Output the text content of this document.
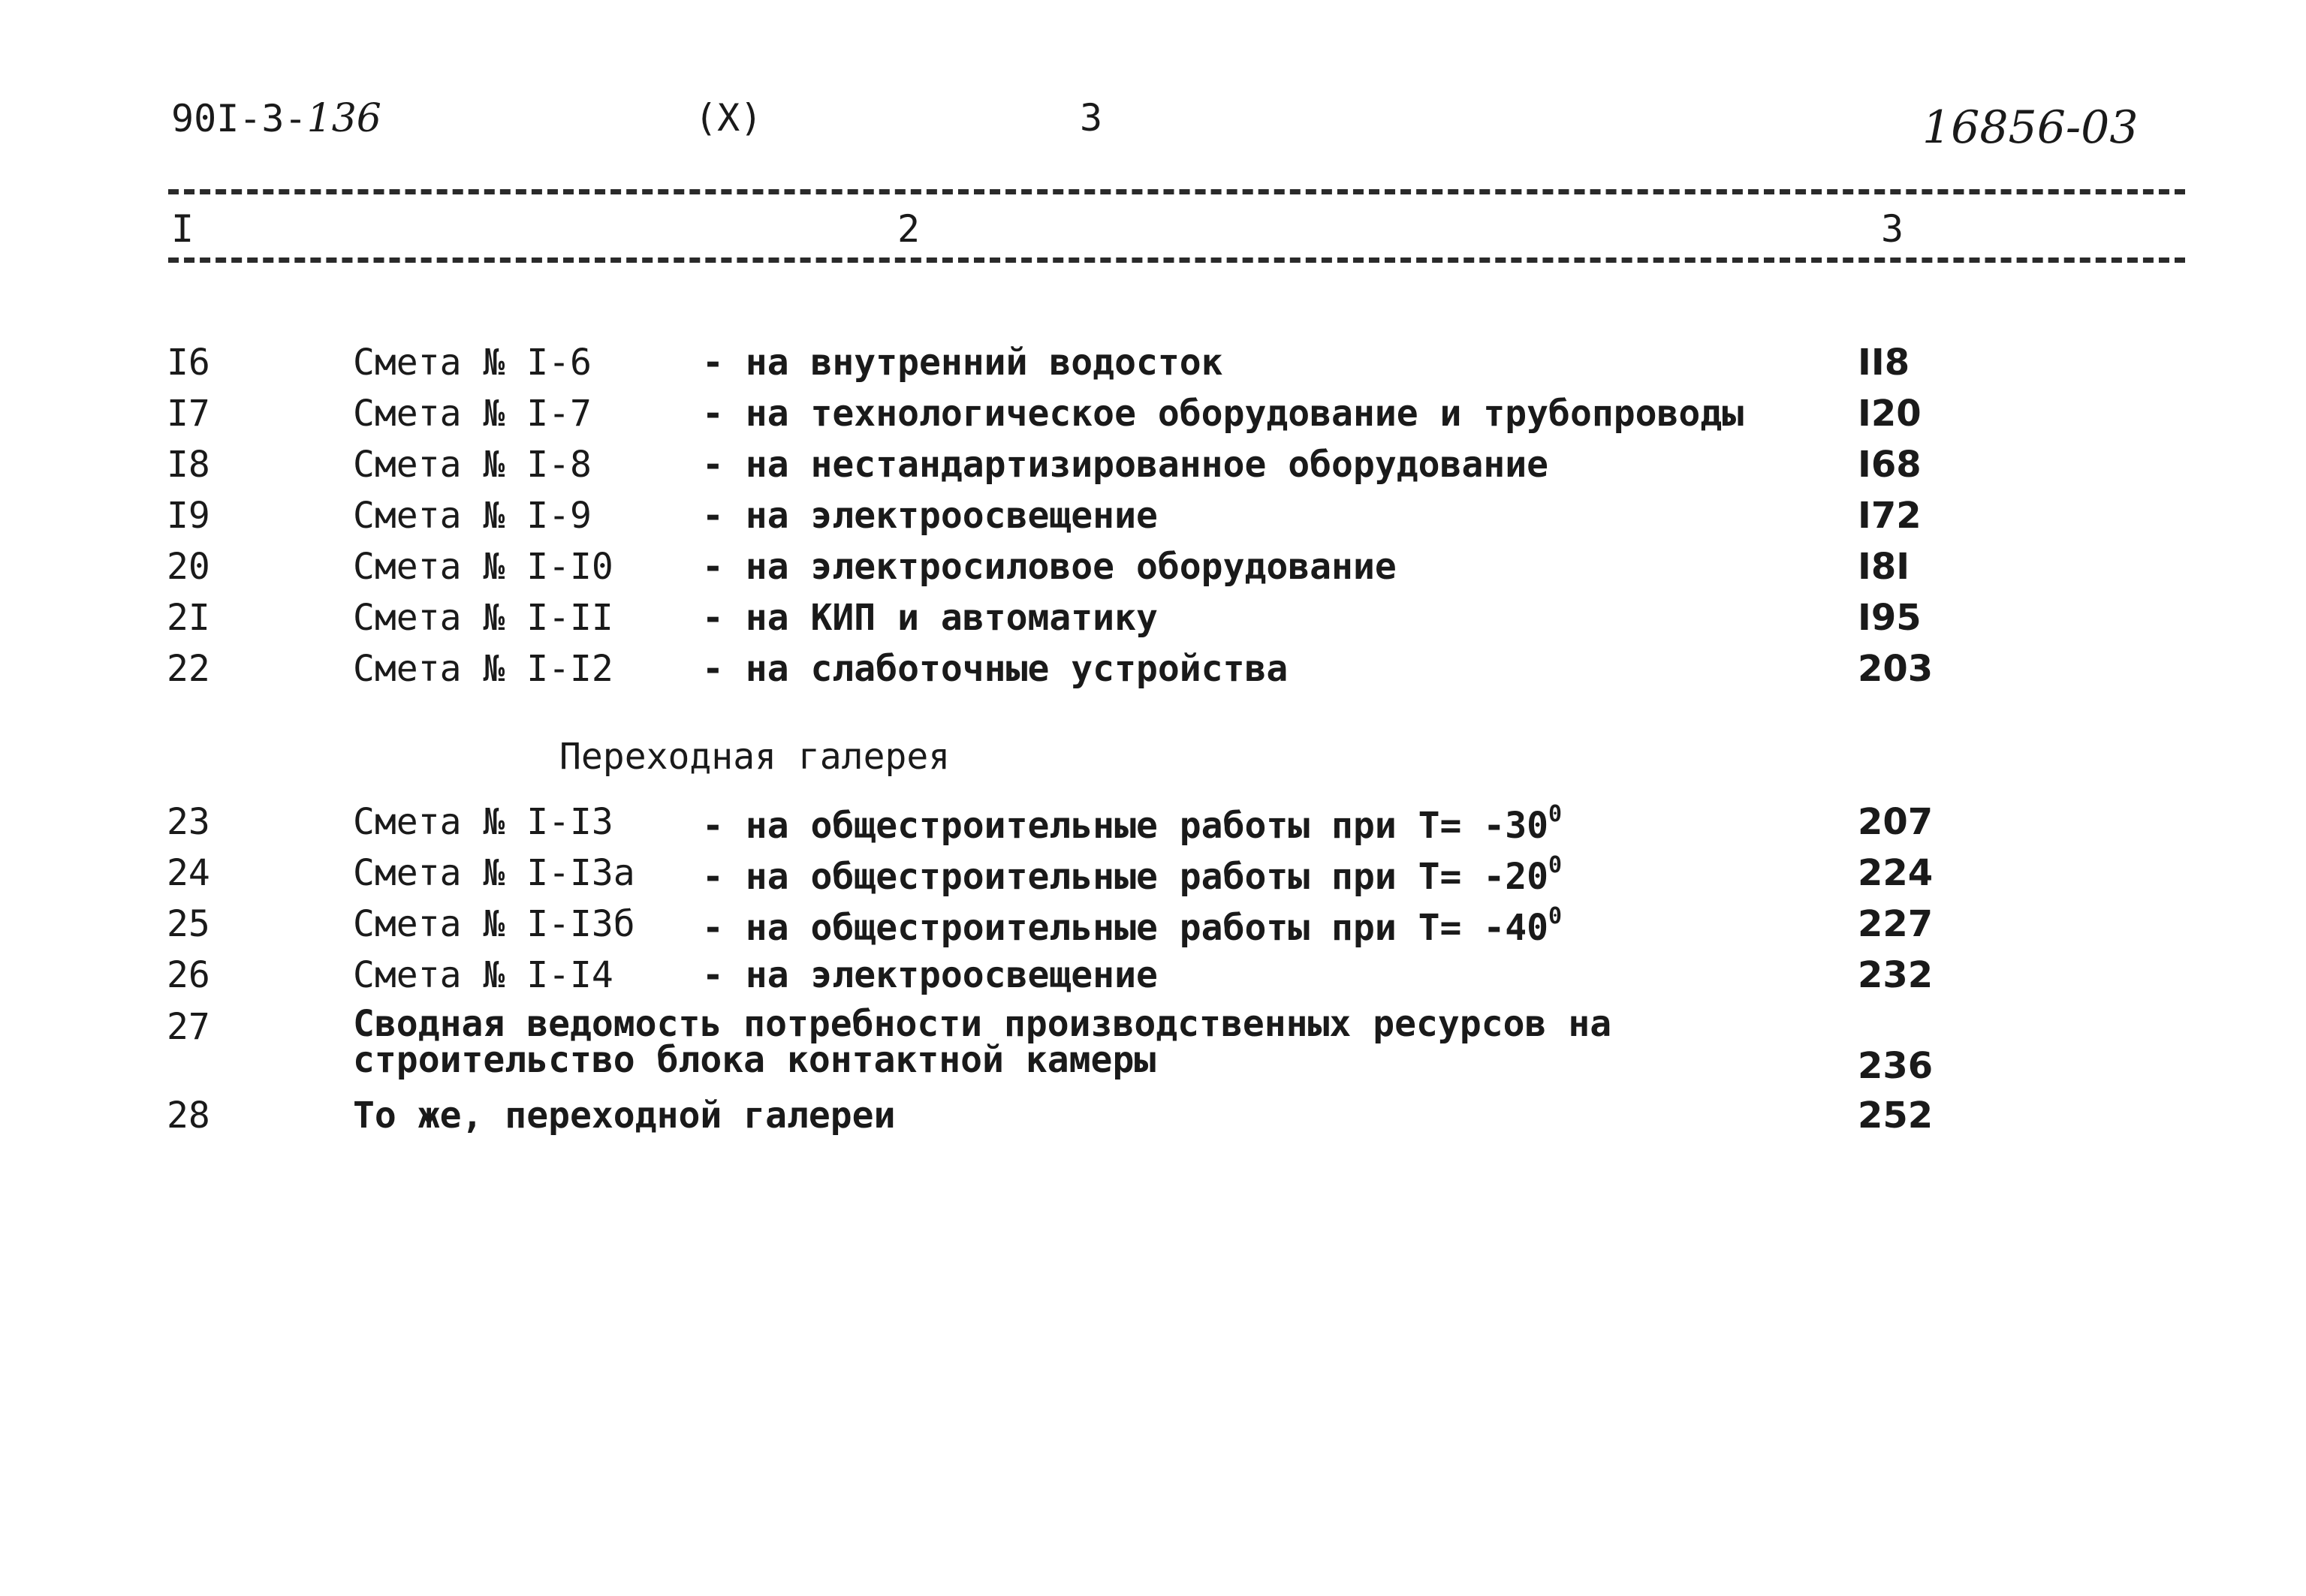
90I-3-136	(X)	3	16856-03
I	2	3
I6	Смета № I-6	- на внутренний водосток	II8
I7	Смета № I-7	- на технологическое оборудование и трубопроводы	I20
I8	Смета № I-8	- на нестандартизированное оборудование	I68
I9	Смета № I-9	- на электроосвещение	I72
20	Смета № I-I0 - на электросиловое оборудование	I8I
2I	Смета № I-II - на КИП и автоматику	I95
22	Смета № I-I2 - на слаботочные устройства	203
Переходная галерея
23	Смета № I-I3 - на общестроительные работы при $Т= -30^0$	207
24	Смета № I-I3а - на общестроительные работы при $Т= -20^0$	224
25	Смета № I-I3б - на общестроительные работы при $Т= -40^0$	227
26	Смета № I-I4 - на электроосвещение	232
27	Сводная ведомость потребности производственных ресурсов на
строительство блока контактной камеры	236
28	То же, переходной галереи	252
